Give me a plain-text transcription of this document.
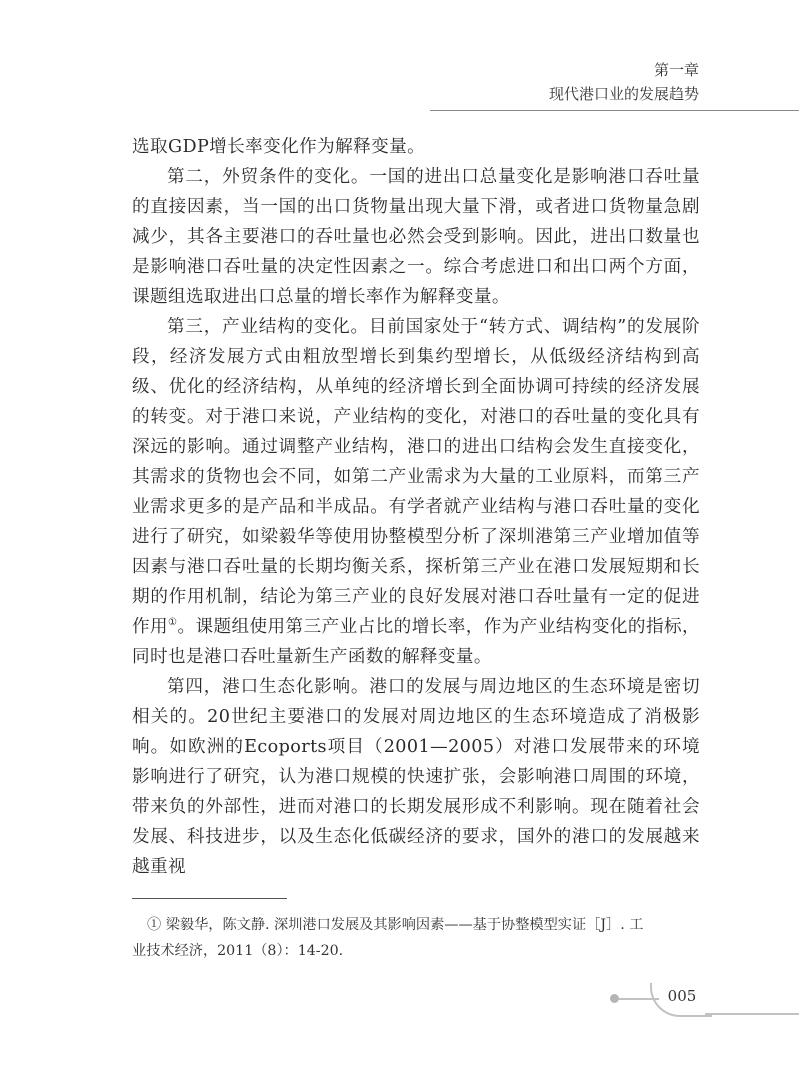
第一章
现代港口业的发展趋势

选取GDP增长率变化作为解释变量。

第二，外贸条件的变化。一国的进出口总量变化是影响港口吞吐量的直接因素，当一国的出口货物量出现大量下滑，或者进口货物量急剧减少，其各主要港口的吞吐量也必然会受到影响。因此，进出口数量也是影响港口吞吐量的决定性因素之一。综合考虑进口和出口两个方面，课题组选取进出口总量的增长率作为解释变量。

第三，产业结构的变化。目前国家处于“转方式、调结构”的发展阶段，经济发展方式由粗放型增长到集约型增长，从低级经济结构到高级、优化的经济结构，从单纯的经济增长到全面协调可持续的经济发展的转变。对于港口来说，产业结构的变化，对港口的吞吐量的变化具有深远的影响。通过调整产业结构，港口的进出口结构会发生直接变化，其需求的货物也会不同，如第二产业需求为大量的工业原料，而第三产业需求更多的是产品和半成品。有学者就产业结构与港口吞吐量的变化进行了研究，如梁毅华等使用协整模型分析了深圳港第三产业增加值等因素与港口吞吐量的长期均衡关系，探析第三产业在港口发展短期和长期的作用机制，结论为第三产业的良好发展对港口吞吐量有一定的促进作用①。课题组使用第三产业占比的增长率，作为产业结构变化的指标，同时也是港口吞吐量新生产函数的解释变量。

第四，港口生态化影响。港口的发展与周边地区的生态环境是密切相关的。20世纪主要港口的发展对周边地区的生态环境造成了消极影响。如欧洲的Ecoports项目（2001—2005）对港口发展带来的环境影响进行了研究，认为港口规模的快速扩张，会影响港口周围的环境，带来负的外部性，进而对港口的长期发展形成不利影响。现在随着社会发展、科技进步，以及生态化低碳经济的要求，国外的港口的发展越来越重视

① 梁毅华，陈文静. 深圳港口发展及其影响因素——基于协整模型实证［J］. 工
业技术经济，2011（8）：14-20.
005
